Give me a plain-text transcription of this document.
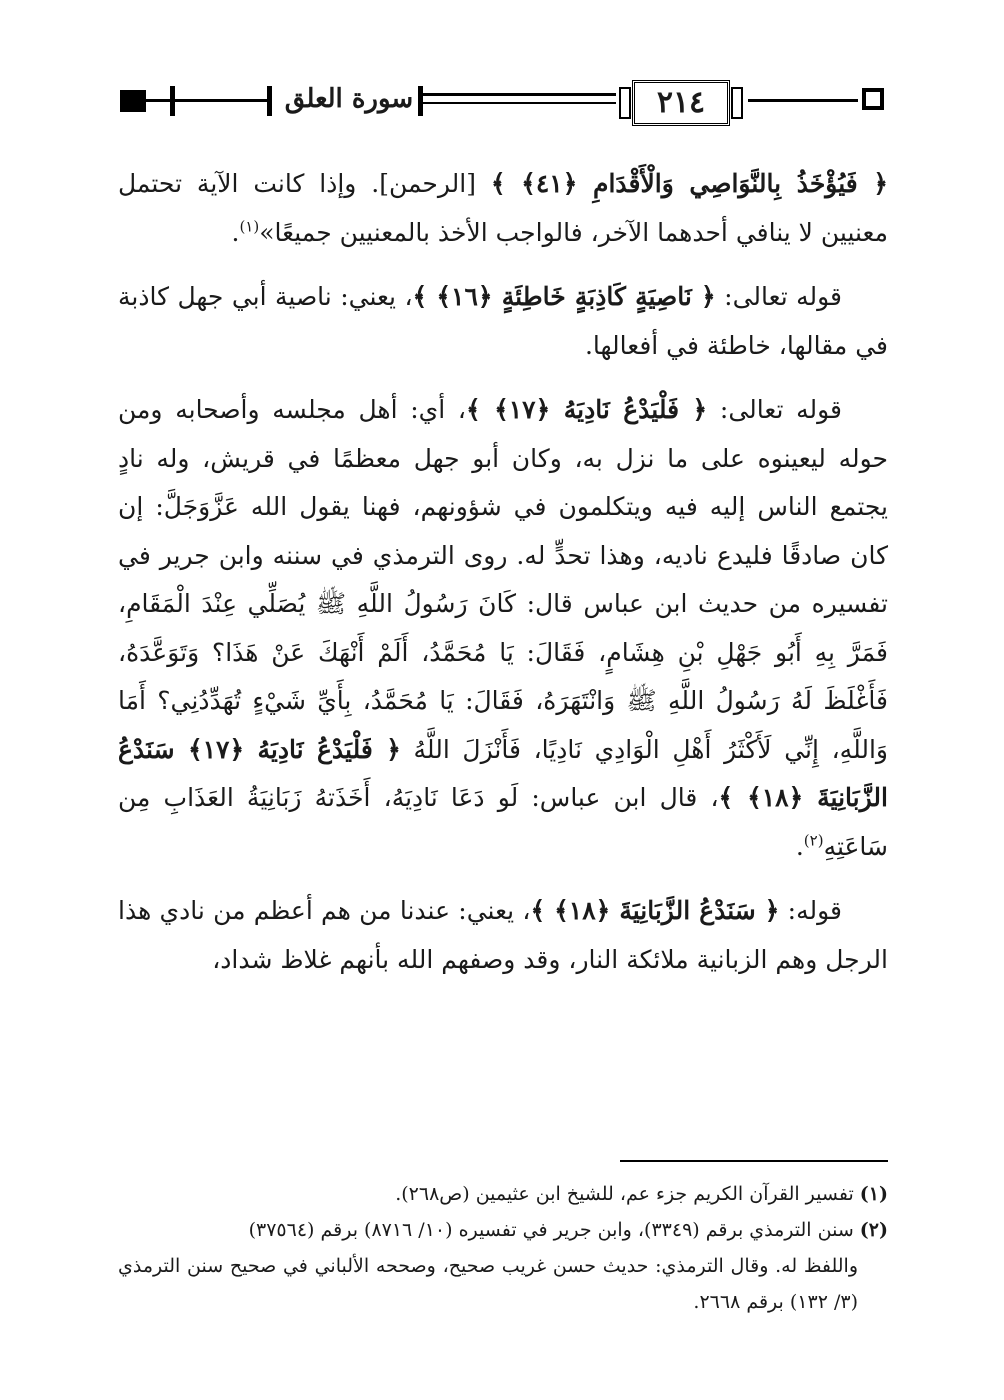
سورة العلق	٢١٤

﴿ فَيُؤْخَذُ بِالنَّوَاصِي وَالْأَقْدَامِ ﴿٤١﴾ ﴾ [الرحمن]. وإذا كانت الآية تحتمل معنيين لا ينافي أحدهما الآخر، فالواجب الأخذ بالمعنيين جميعًا»$^{(١)}$.

قوله تعالى: ﴿ نَاصِيَةٍ كَاذِبَةٍ خَاطِئَةٍ ﴿١٦﴾ ﴾، يعني: ناصية أبي جهل كاذبة في مقالها، خاطئة في أفعالها.

قوله تعالى: ﴿ فَلْيَدْعُ نَادِيَهُ ﴿١٧﴾ ﴾، أي: أهل مجلسه وأصحابه ومن حوله ليعينوه على ما نزل به، وكان أبو جهل معظمًا في قريش، وله نادٍ يجتمع الناس إليه فيه ويتكلمون في شؤونهم، فهنا يقول الله عَزَّوَجَلَّ: إن كان صادقًا فليدع ناديه، وهذا تحدٍّ له. روى الترمذي في سننه وابن جرير في تفسيره من حديث ابن عباس قال: كَانَ رَسُولُ اللَّهِ ﷺ يُصَلِّي عِنْدَ الْمَقَامِ، فَمَرَّ بِهِ أَبُو جَهْلِ بْنِ هِشَامٍ، فَقَالَ: يَا مُحَمَّدُ، أَلَمْ أَنْهَكَ عَنْ هَذَا؟ وَتَوَعَّدَهُ، فَأَغْلَظَ لَهُ رَسُولُ اللَّهِ ﷺ وَانْتَهَرَهُ، فَقَالَ: يَا مُحَمَّدُ، بِأَيِّ شَيْءٍ تُهَدِّدُنِي؟ أَمَا وَاللَّهِ، إِنِّي لَأَكْثَرُ أَهْلِ الْوَادِي نَادِيًا، فَأَنْزَلَ اللَّهُ ﴿ فَلْيَدْعُ نَادِيَهُ ﴿١٧﴾ سَنَدْعُ الزَّبَانِيَةَ ﴿١٨﴾ ﴾، قال ابن عباس: لَو دَعَا نَادِيَهُ، أَخَذَتهُ زَبَانِيَةُ العَذَابِ مِن سَاعَتِهِ$^{(٢)}$.

قوله: ﴿ سَنَدْعُ الزَّبَانِيَةَ ﴿١٨﴾ ﴾، يعني: عندنا من هم أعظم من نادي هذا الرجل وهم الزبانية ملائكة النار، وقد وصفهم الله بأنهم غلاظ شداد،

(١) تفسير القرآن الكريم جزء عم، للشيخ ابن عثيمين (ص٢٦٨).

(٢) سنن الترمذي برقم (٣٣٤٩)، وابن جرير في تفسيره (١٠/ ٨٧١٦) برقم (٣٧٥٦٤)

واللفظ له. وقال الترمذي: حديث حسن غريب صحيح، وصححه الألباني في صحيح سنن الترمذي (٣/ ١٣٢) برقم ٢٦٦٨.
